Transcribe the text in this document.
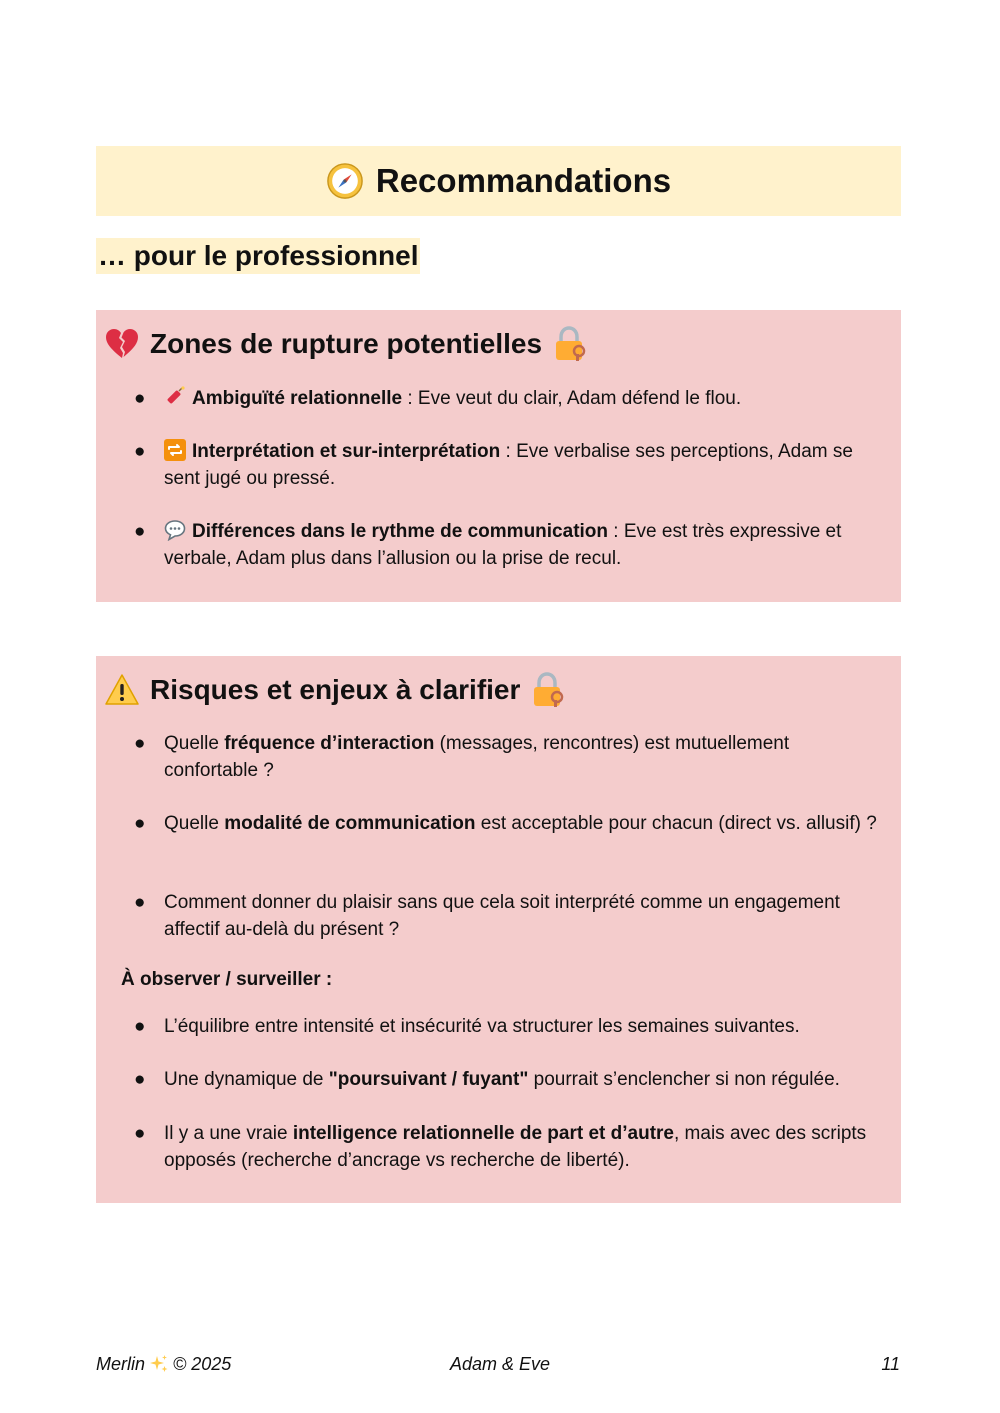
Recommandations
… pour le professionnel
Zones de rupture potentielles
● Ambiguïté relationnelle : Eve veut du clair, Adam défend le flou.
● Interprétation et sur-interprétation : Eve verbalise ses perceptions, Adam se sent jugé ou pressé.
● Différences dans le rythme de communication : Eve est très expressive et verbale, Adam plus dans l’allusion ou la prise de recul.
Risques et enjeux à clarifier
● Quelle fréquence d’interaction (messages, rencontres) est mutuellement confortable ?
● Quelle modalité de communication est acceptable pour chacun (direct vs. allusif) ?
● Comment donner du plaisir sans que cela soit interprété comme un engagement affectif au-delà du présent ?
À observer / surveiller :
● L’équilibre entre intensité et insécurité va structurer les semaines suivantes.
● Une dynamique de "poursuivant / fuyant" pourrait s’enclencher si non régulée.
● Il y a une vraie intelligence relationnelle de part et d’autre, mais avec des scripts opposés (recherche d’ancrage vs recherche de liberté).
Adam & Eve
Merlin © 2025	11
